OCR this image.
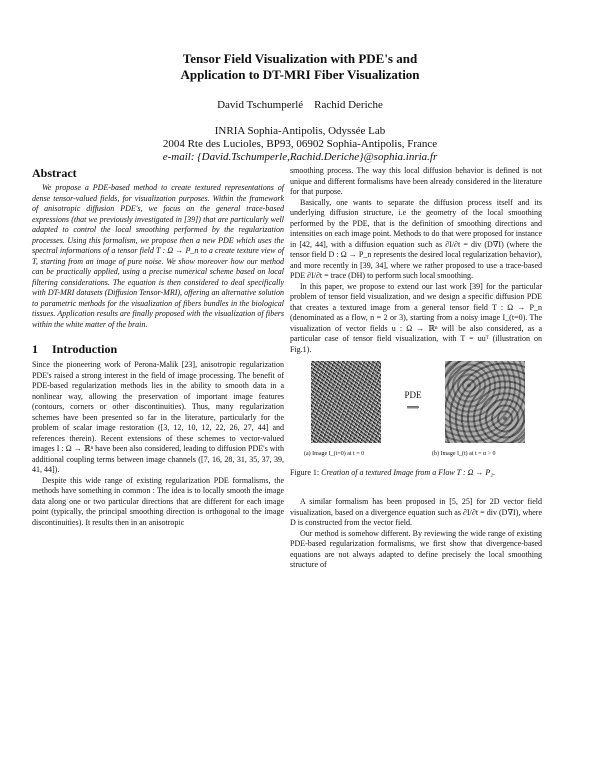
Tensor Field Visualization with PDE's and
Application to DT-MRI Fiber Visualization
David Tschumperlé    Rachid Deriche
INRIA Sophia-Antipolis, Odyssée Lab
2004 Rte des Lucioles, BP93, 06902 Sophia-Antipolis, France
e-mail: {David.Tschumperle,Rachid.Deriche}@sophia.inria.fr
Abstract

We propose a PDE-based method to create textured representations of dense tensor-valued fields, for visualization purposes. Within the framework of anisotropic diffusion PDE's, we focus on the general trace-based expressions (that we previously investigated in [39]) that are particularly well adapted to control the local smoothing performed by the regularization processes. Using this formalism, we propose then a new PDE which uses the spectral informations of a tensor field T : Ω → P_n to a create texture view of T, starting from an image of pure noise. We show moreover how our method can be practically applied, using a precise numerical scheme based on local filtering considerations. The equation is then considered to deal specifically with DT-MRI datasets (Diffusion Tensor-MRI), offering an alternative solution to parametric methods for the visualization of fibers bundles in the biological tissues. Application results are finally proposed with the visualization of fibers within the white matter of the brain.

1 Introduction

Since the pioneering work of Perona-Malik [23], anisotropic regularization PDE's raised a strong interest in the field of image processing. The benefit of PDE-based regularization methods lies in the ability to smooth data in a nonlinear way, allowing the preservation of important image features (contours, corners or other discontinuities). Thus, many regularization schemes have been presented so far in the literature, particularly for the problem of scalar image restoration ([3, 12, 10, 12, 22, 26, 27, 44] and references therein). Recent extensions of these schemes to vector-valued images I : Ω → ℝⁿ have been also considered, leading to diffusion PDE's with additional coupling terms between image channels ([7, 16, 28, 31, 35, 37, 39, 41, 44]).

Despite this wide range of existing regularization PDE formalisms, the methods have something in common : The idea is to locally smooth the image data along one or two particular directions that are different for each image point (typically, the principal smoothing direction is orthogonal to the image discontinuities). It results then in an anisotropic

smoothing process. The way this local diffusion behavior is defined is not unique and different formalisms have been already considered in the literature for that purpose.

Basically, one wants to separate the diffusion process itself and its underlying diffusion structure, i.e the geometry of the local smoothing performed by the PDE, that is the definition of smoothing directions and intensities on each image point. Methods to do that were proposed for instance in [42, 44], with a diffusion equation such as ∂I/∂t = div (D∇I) (where the tensor field D : Ω → P_n represents the desired local regularization behavior), and more recently in [39, 34], where we rather proposed to use a trace-based PDE ∂I/∂t = trace (DH) to perform such local smoothing.

In this paper, we propose to extend our last work [39] for the particular problem of tensor field visualization, and we design a specific diffusion PDE that creates a textured image from a general tensor field T : Ω → P_n (denominated as a flow, n = 2 or 3), starting from a noisy image I_(t=0). The visualization of vector fields u : Ω → ℝⁿ will be also considered, as a particular case of tensor field visualization, with T = uuᵀ (illustration on Fig.1).

PDE
⟹
(a) Image I_(t=0) at t = 0	(b) Image I_(t) at t = α > 0
Figure 1: Creation of a textured Image from a Flow T : Ω → P₂.

A similar formalism has been proposed in [5, 25] for 2D vector field visualization, based on a divergence equation such as ∂I/∂t = div (D∇I), where D is constructed from the vector field.

Our method is somehow different. By reviewing the wide range of existing PDE-based regularization formalisms, we first show that divergence-based equations are not always adapted to define precisely the local smoothing structure of
